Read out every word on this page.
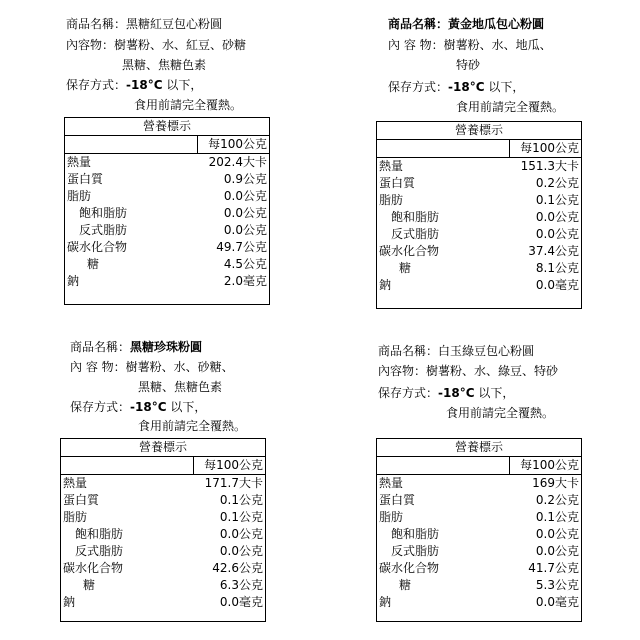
商品名稱：黑糖紅豆包心粉圓
內容物：樹薯粉、水、紅豆、砂糖
黑糖、焦糖色素
保存方式：-18°C 以下，
食用前請完全覆熱。
營養標示	
	每100公克
熱量	202.4大卡
蛋白質	0.9公克
脂肪	0.0公克
飽和脂肪	0.0公克
反式脂肪	0.0公克
碳水化合物	49.7公克
糖	4.5公克
鈉	2.0毫克
商品名稱：黃金地瓜包心粉圓
內 容 物：樹薯粉、水、地瓜、
特砂
保存方式：-18°C 以下，
食用前請完全覆熱。
營養標示	
	每100公克
熱量	151.3大卡
蛋白質	0.2公克
脂肪	0.1公克
飽和脂肪	0.0公克
反式脂肪	0.0公克
碳水化合物	37.4公克
糖	8.1公克
鈉	0.0毫克
商品名稱：黑糖珍珠粉圓
內 容 物：樹薯粉、水、砂糖、
黑糖、焦糖色素
保存方式：-18°C 以下，
食用前請完全覆熱。
營養標示	
	每100公克
熱量	171.7大卡
蛋白質	0.1公克
脂肪	0.1公克
飽和脂肪	0.0公克
反式脂肪	0.0公克
碳水化合物	42.6公克
糖	6.3公克
鈉	0.0毫克
商品名稱：白玉綠豆包心粉圓
內容物：樹薯粉、水、綠豆、特砂
保存方式：-18°C 以下，
食用前請完全覆熱。
營養標示	
	每100公克
熱量	169大卡
蛋白質	0.2公克
脂肪	0.1公克
飽和脂肪	0.0公克
反式脂肪	0.0公克
碳水化合物	41.7公克
糖	5.3公克
鈉	0.0毫克
